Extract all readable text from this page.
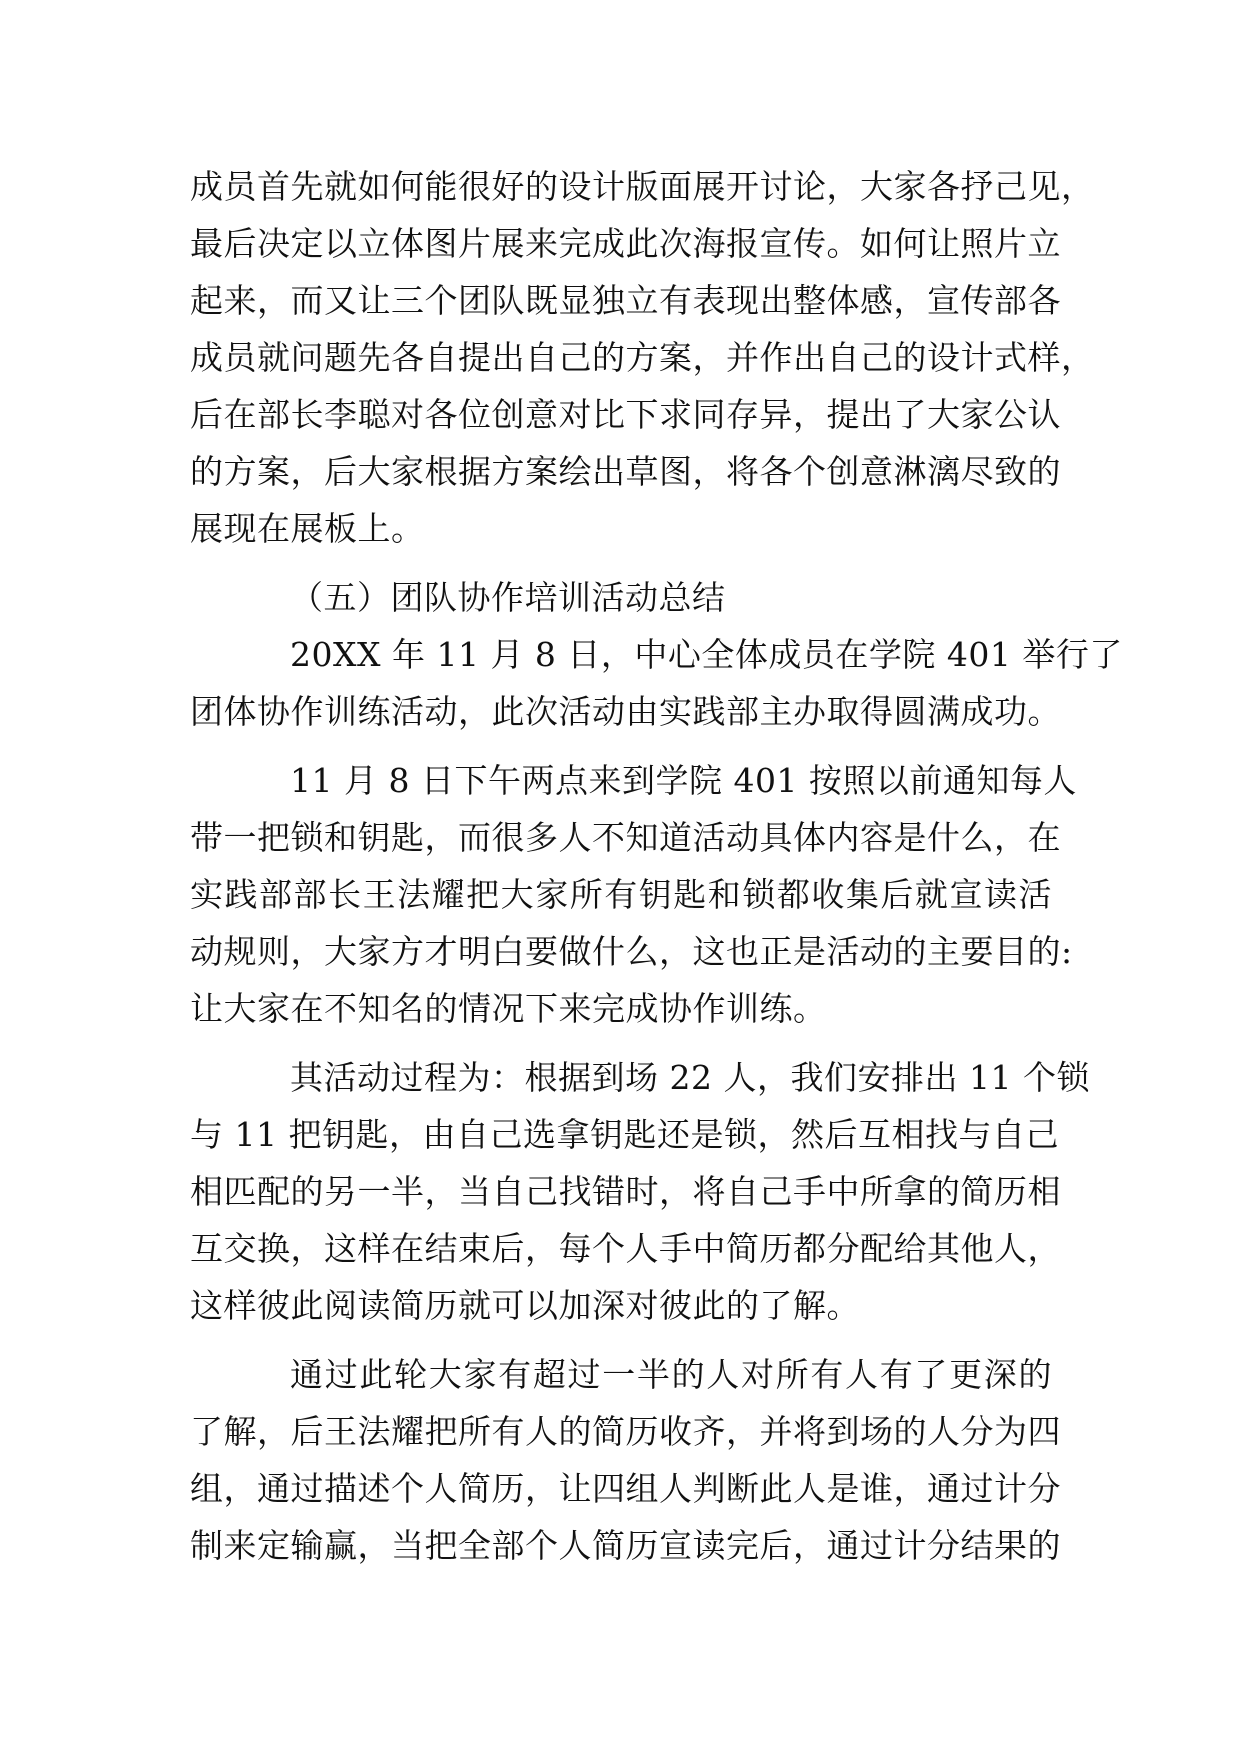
成员首先就如何能很好的设计版面展开讨论，大家各抒己见，
最后决定以立体图片展来完成此次海报宣传。如何让照片立
起来，而又让三个团队既显独立有表现出整体感，宣传部各
成员就问题先各自提出自己的方案，并作出自己的设计式样，
后在部长李聪对各位创意对比下求同存异，提出了大家公认
的方案，后大家根据方案绘出草图，将各个创意淋漓尽致的
展现在展板上。
（五）团队协作培训活动总结
20XX 年 11 月 8 日，中心全体成员在学院 401 举行了
团体协作训练活动，此次活动由实践部主办取得圆满成功。
11 月 8 日下午两点来到学院 401 按照以前通知每人
带一把锁和钥匙，而很多人不知道活动具体内容是什么，在
实践部部长王法耀把大家所有钥匙和锁都收集后就宣读活
动规则，大家方才明白要做什么，这也正是活动的主要目的:
让大家在不知名的情况下来完成协作训练。
其活动过程为：根据到场 22 人，我们安排出 11 个锁
与 11 把钥匙，由自己选拿钥匙还是锁，然后互相找与自己
相匹配的另一半，当自己找错时，将自己手中所拿的简历相
互交换，这样在结束后，每个人手中简历都分配给其他人，
这样彼此阅读简历就可以加深对彼此的了解。
通过此轮大家有超过一半的人对所有人有了更深的
了解，后王法耀把所有人的简历收齐，并将到场的人分为四
组，通过描述个人简历，让四组人判断此人是谁，通过计分
制来定输赢，当把全部个人简历宣读完后，通过计分结果的
